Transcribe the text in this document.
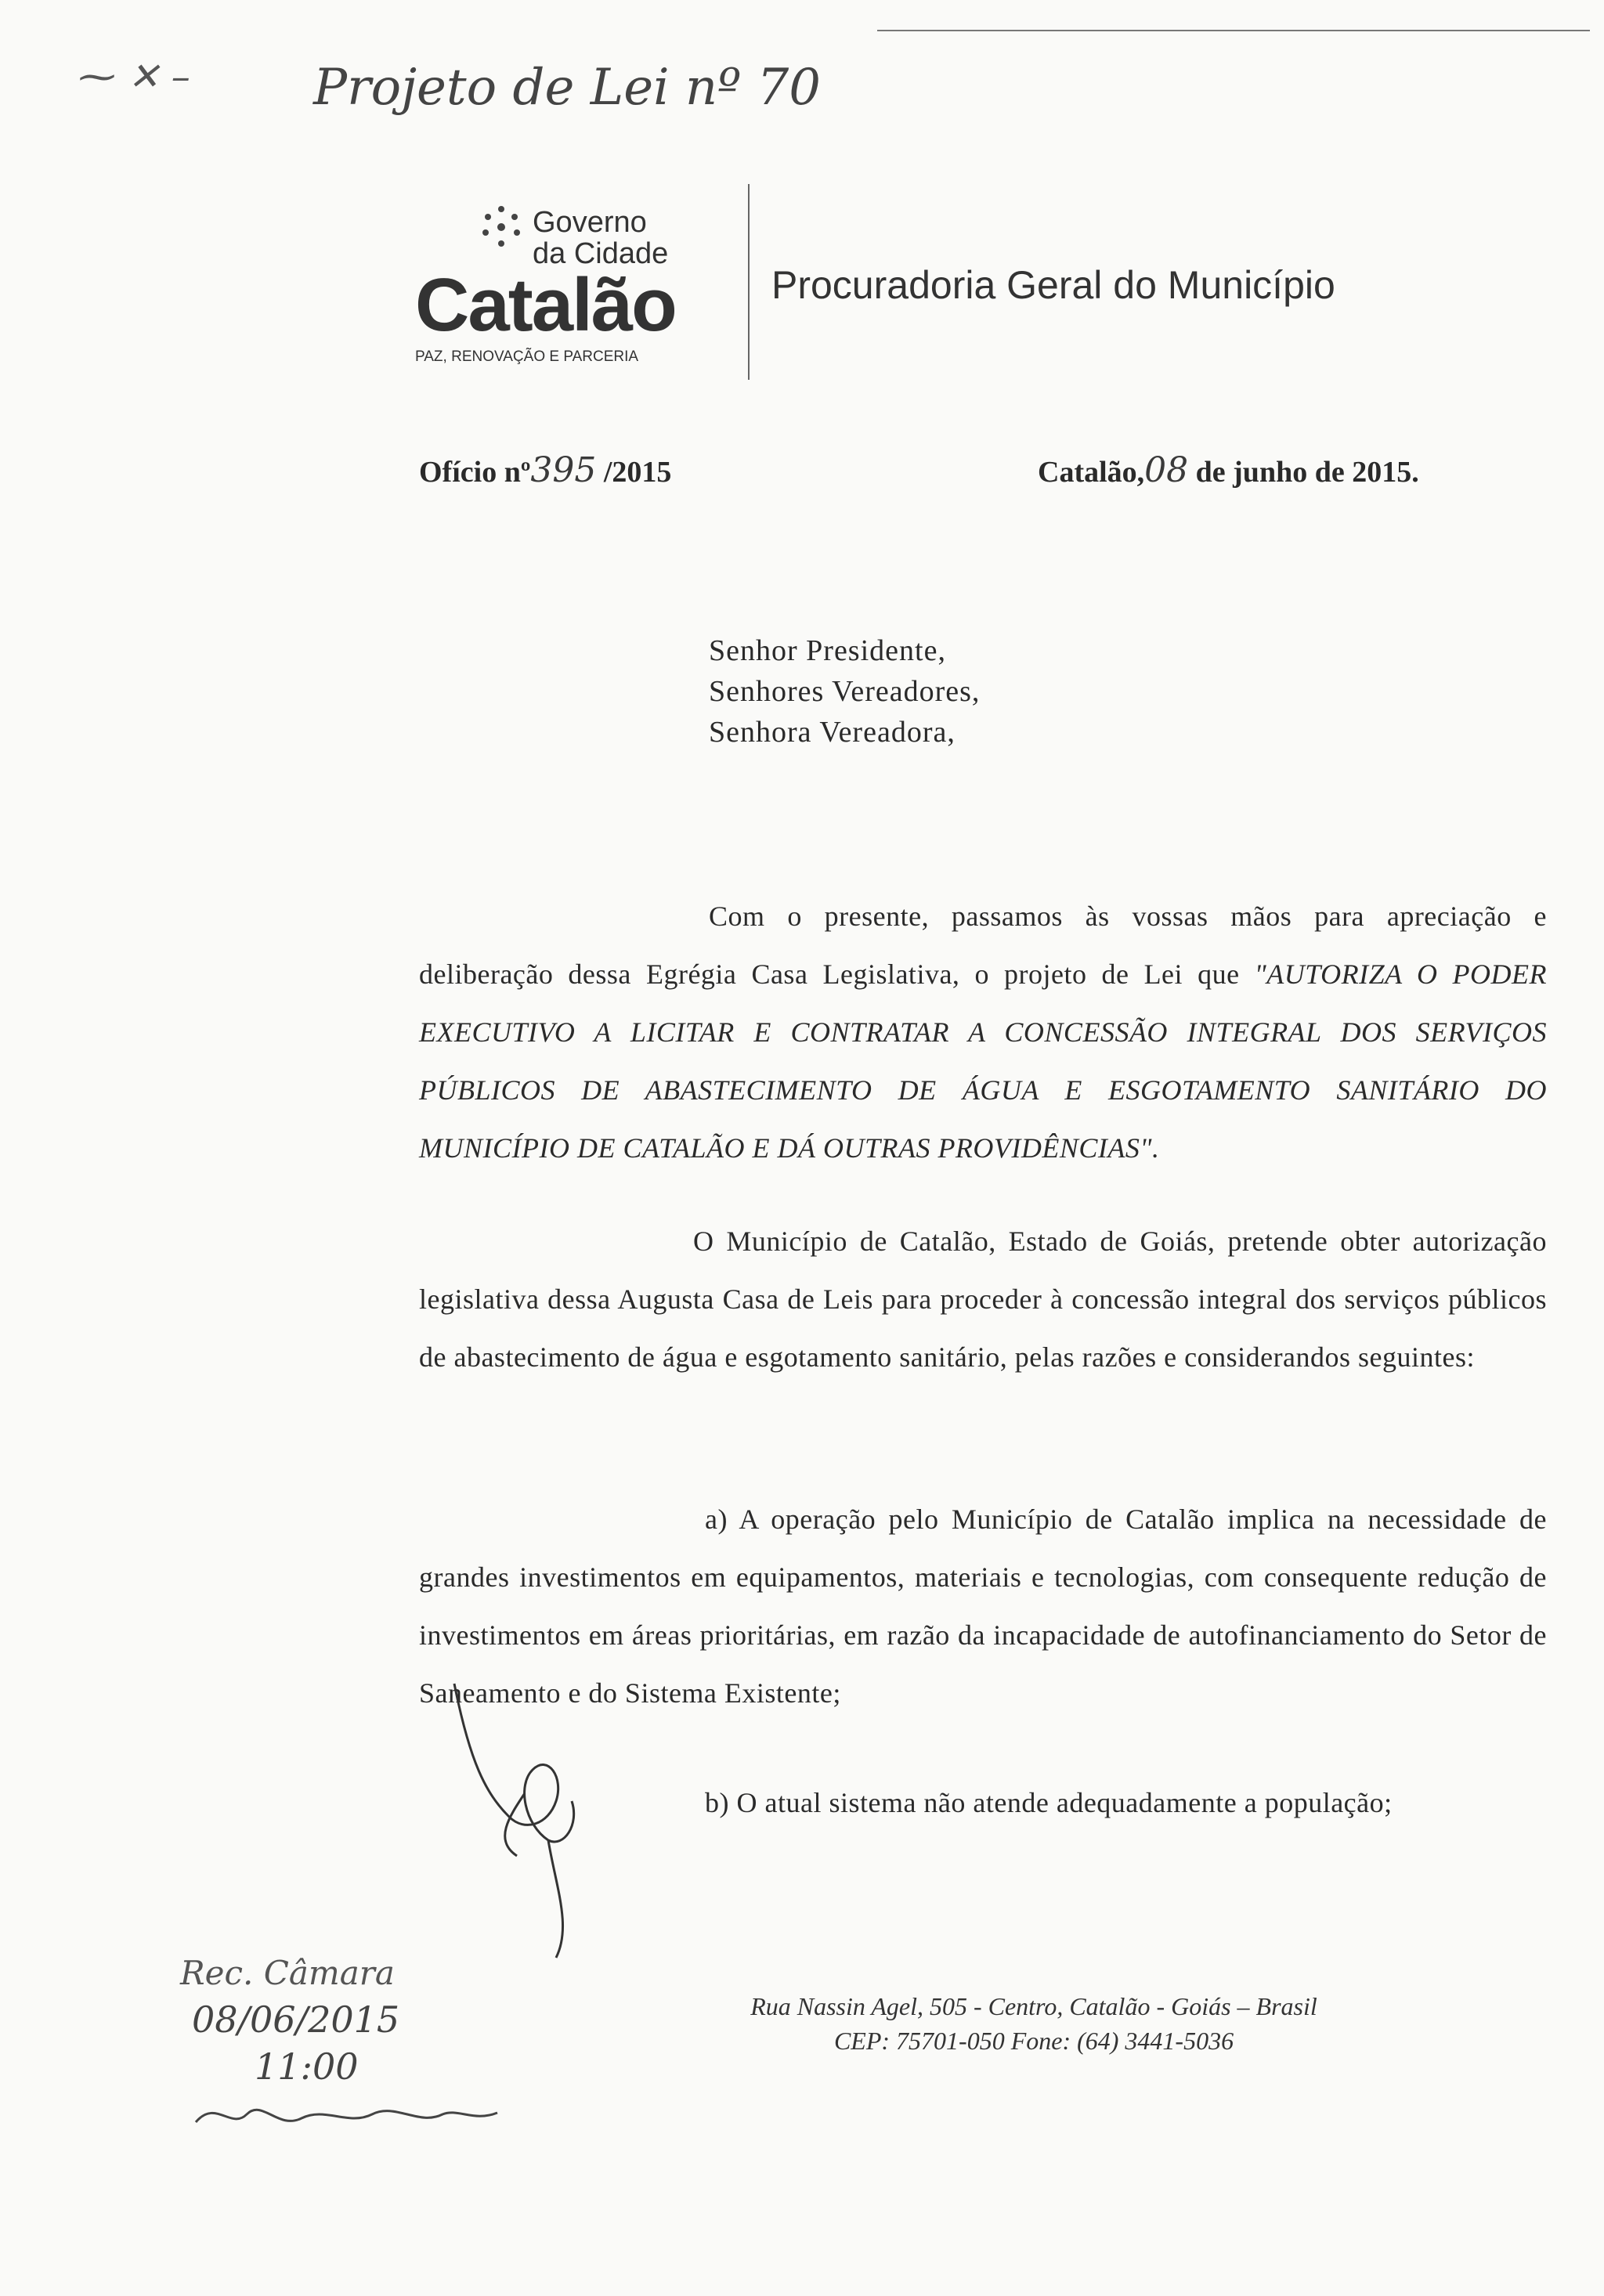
Projeto de Lei nº 70
⁓ ✕ –
Governo
da Cidade
Catalão
PAZ, RENOVAÇÃO E PARCERIA
Procuradoria Geral do Município
Ofício nº395 /2015	Catalão,08 de junho de 2015.
Senhor Presidente,
Senhores Vereadores,
Senhora Vereadora,
Com o presente, passamos às vossas mãos para apreciação e deliberação dessa Egrégia Casa Legislativa, o projeto de Lei que "AUTORIZA O PODER EXECUTIVO A LICITAR E CONTRATAR A CONCESSÃO INTEGRAL DOS SERVIÇOS PÚBLICOS DE ABASTECIMENTO DE ÁGUA E ESGOTAMENTO SANITÁRIO DO MUNICÍPIO DE CATALÃO E DÁ OUTRAS PROVIDÊNCIAS".
O Município de Catalão, Estado de Goiás, pretende obter autorização legislativa dessa Augusta Casa de Leis para proceder à concessão integral dos serviços públicos de abastecimento de água e esgotamento sanitário, pelas razões e considerandos seguintes:
a) A operação pelo Município de Catalão implica na necessidade de grandes investimentos em equipamentos, materiais e tecnologias, com consequente redução de investimentos em áreas prioritárias, em razão da incapacidade de autofinanciamento do Setor de Saneamento e do Sistema Existente;
b) O atual sistema não atende adequadamente a população;
Rec. Câmara
08/06/2015
11:00
Rua Nassin Agel, 505 - Centro, Catalão - Goiás – Brasil
CEP: 75701-050 Fone: (64) 3441-5036
